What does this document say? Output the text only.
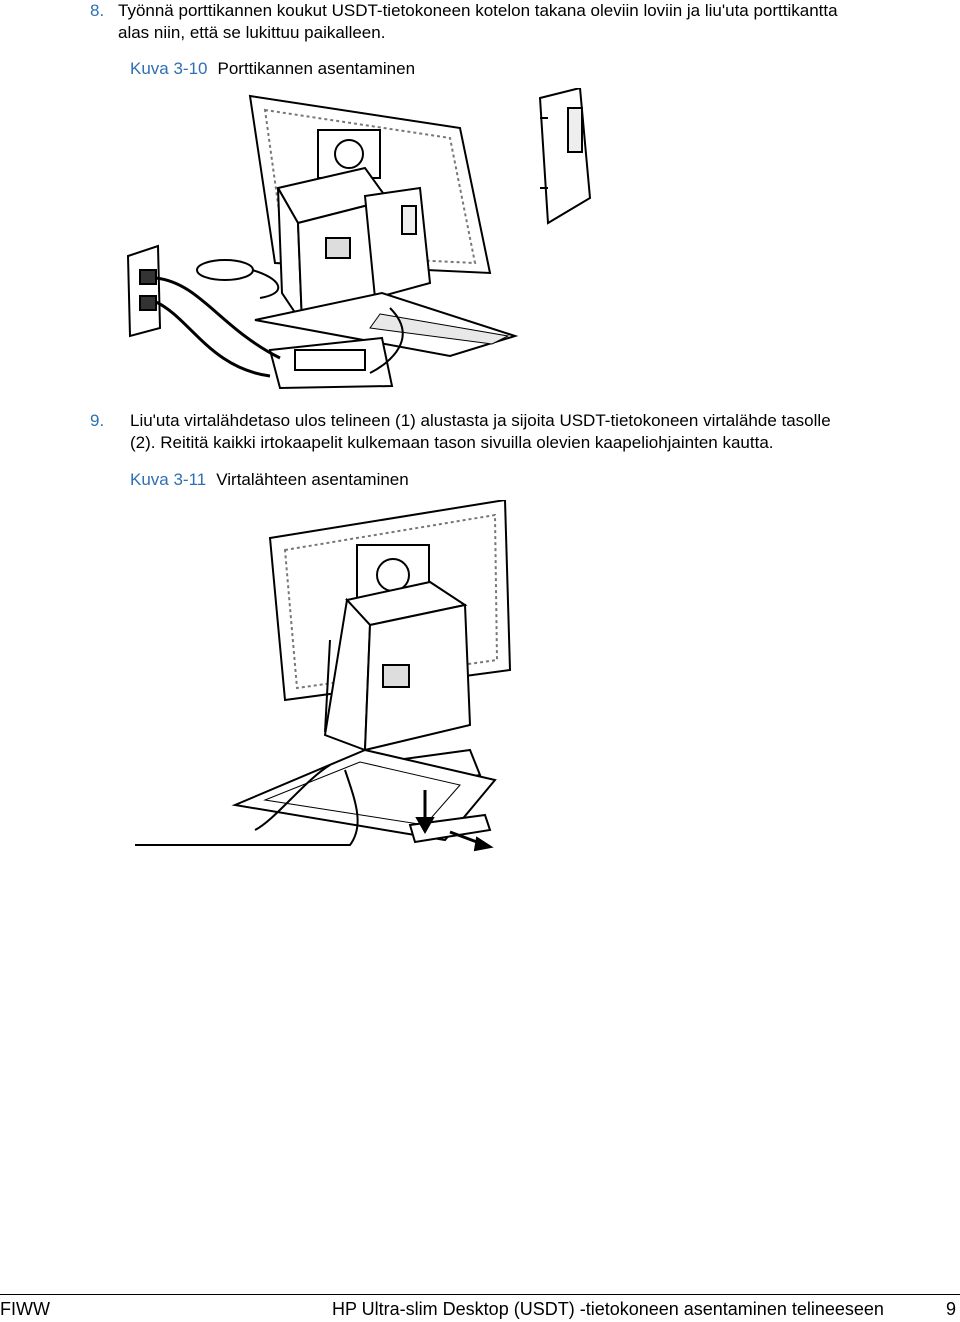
8. Työnnä porttikannen koukut USDT-tietokoneen kotelon takana oleviin loviin ja liu'uta porttikantta
alas niin, että se lukittuu paikalleen.
Kuva 3-10 Porttikannen asentaminen
9. Liu'uta virtalähdetaso ulos telineen (1) alustasta ja sijoita USDT-tietokoneen virtalähde tasolle
(2). Reititä kaikki irtokaapelit kulkemaan tason sivuilla olevien kaapeliohjainten kautta.
Kuva 3-11 Virtalähteen asentaminen
FIWW	HP Ultra-slim Desktop (USDT) -tietokoneen asentaminen telineeseen	9
